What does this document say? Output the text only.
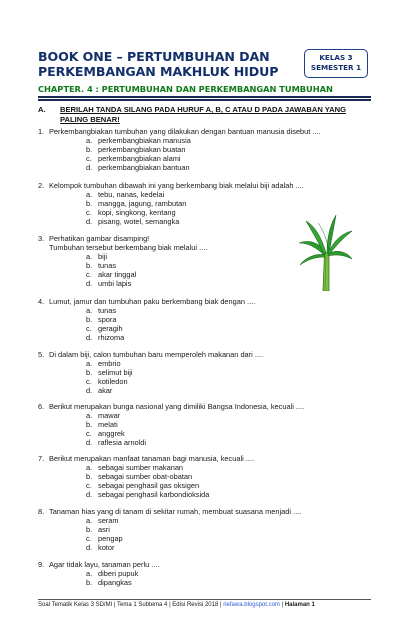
BOOK ONE – PERTUMBUHAN DAN
PERKEMBANGAN MAKHLUK HIDUP
KELAS 3
SEMESTER 1
CHAPTER. 4 : PERTUMBUHAN DAN PERKEMBANGAN TUMBUHAN
A. BERILAH TANDA SILANG PADA HURUF A, B, C ATAU D PADA JAWABAN YANG PALING BENAR!
1. Perkembangbiakan tumbuhan yang dilakukan dengan bantuan manusia disebut ....
a. perkembangbiakan manusia
b. perkembangbiakan buatan
c. perkembangbiakan alami
d. perkembangbiakan bantuan
2. Kelompok tumbuhan dibawah ini yang berkembang biak melalui biji adalah ....
a. tebu, nanas, kedelai
b. mangga, jagung, rambutan
c. kopi, singkong, kentang
d. pisang, wotel, semangka
3. Perhatikan gambar disamping!
Tumbuhan tersebut berkembang biak melalui ....
a. biji
b. tunas
c. akar tinggal
d. umbi lapis
4. Lumut, jamur dan tumbuhan paku berkembang biak dengan ....
a. tunas
b. spora
c. geragih
d. rhizoma
5. Di dalam biji, calon tumbuhan baru memperoleh makanan dari ....
a. embrio
b. selimut biji
c. kotiledon
d. akar
6. Berikut merupakan bunga nasional yang dimiliki Bangsa Indonesia, kecuali ....
a. mawar
b. melati
c. anggrek
d. raflesia arnoldi
7. Berikut merupakan manfaat tanaman bagi manusia, kecuali ....
a. sebagai sumber makanan
b. sebagai sumber obat-obatan
c. sebagai penghasil gas oksigen
d. sebagai penghasil karbondioksida
8. Tanaman hias yang di tanam di sekitar rumah, membuat suasana menjadi ....
a. seram
b. asri
c. pengap
d. kotor
9. Agar tidak layu, tanaman perlu ....
a. diberi pupuk
b. dipangkas
Soal Tematik Kelas 3 SD/MI | Tema 1 Subtema 4 | Edisi Revisi 2018 | riefawa.blogspot.com | Halaman 1
